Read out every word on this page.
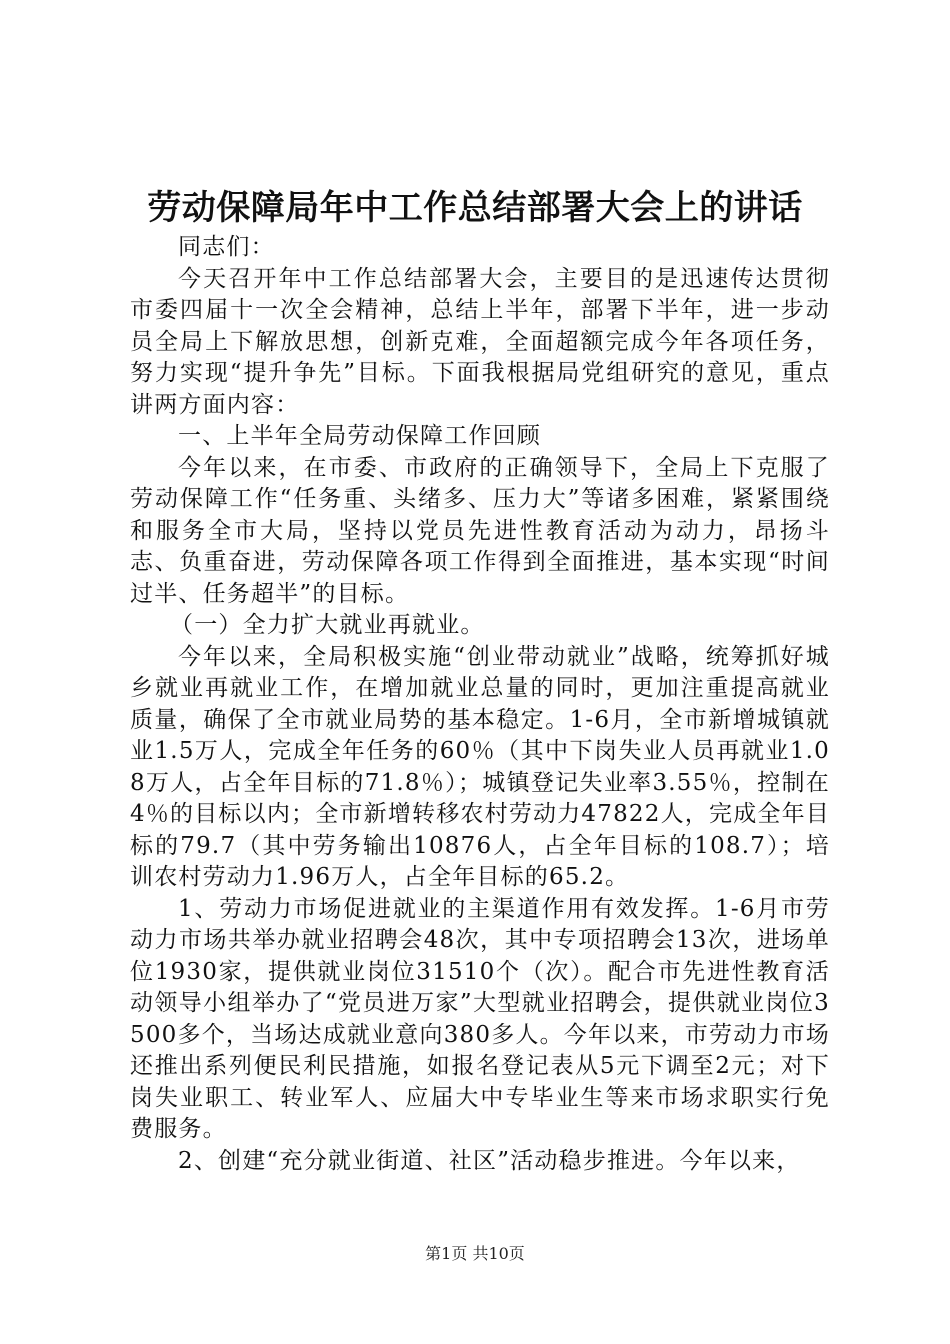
劳动保障局年中工作总结部署大会上的讲话

同志们：

今天召开年中工作总结部署大会，主要目的是迅速传达贯彻市委四届十一次全会精神，总结上半年，部署下半年，进一步动员全局上下解放思想，创新克难，全面超额完成今年各项任务，努力实现“提升争先”目标。下面我根据局党组研究的意见，重点讲两方面内容：

一、上半年全局劳动保障工作回顾

今年以来，在市委、市政府的正确领导下，全局上下克服了劳动保障工作“任务重、头绪多、压力大”等诸多困难，紧紧围绕和服务全市大局，坚持以党员先进性教育活动为动力，昂扬斗志、负重奋进，劳动保障各项工作得到全面推进，基本实现“时间过半、任务超半”的目标。

（一）全力扩大就业再就业。

今年以来，全局积极实施“创业带动就业”战略，统筹抓好城乡就业再就业工作，在增加就业总量的同时，更加注重提高就业质量，确保了全市就业局势的基本稳定。1-6月，全市新增城镇就业1.5万人，完成全年任务的60％（其中下岗失业人员再就业1.08万人，占全年目标的71.8％）；城镇登记失业率3.55％，控制在4％的目标以内；全市新增转移农村劳动力47822人，完成全年目标的79.7（其中劳务输出10876人，占全年目标的108.7）；培训农村劳动力1.96万人，占全年目标的65.2。

1、劳动力市场促进就业的主渠道作用有效发挥。1-6月市劳动力市场共举办就业招聘会48次，其中专项招聘会13次，进场单位1930家，提供就业岗位31510个（次）。配合市先进性教育活动领导小组举办了“党员进万家”大型就业招聘会，提供就业岗位3500多个，当场达成就业意向380多人。今年以来，市劳动力市场还推出系列便民利民措施，如报名登记表从5元下调至2元；对下岗失业职工、转业军人、应届大中专毕业生等来市场求职实行免费服务。

2、创建“充分就业街道、社区”活动稳步推进。今年以来，

第1页 共10页
